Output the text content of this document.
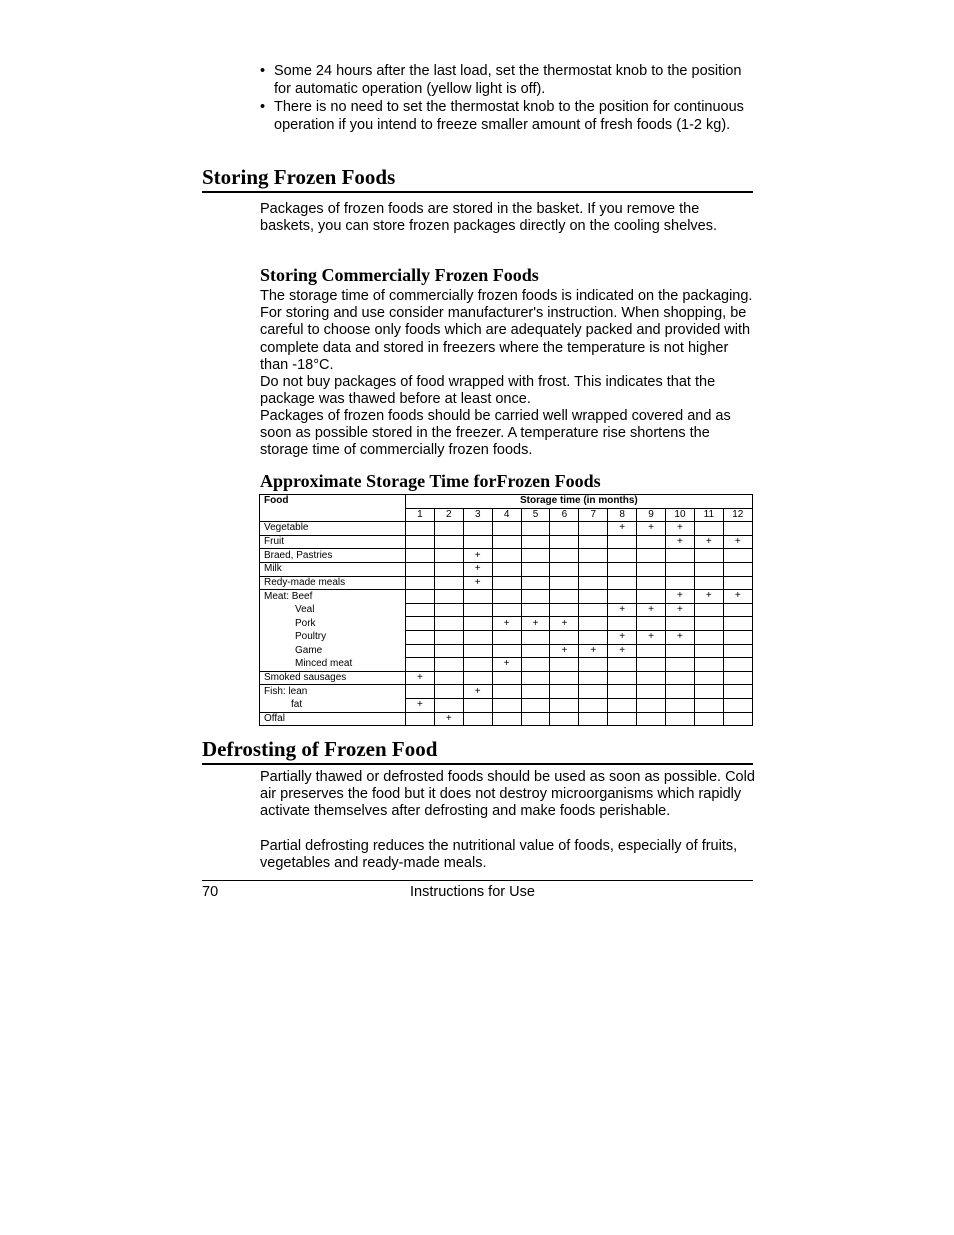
• Some 24 hours after the last load, set the thermostat knob to the position for automatic operation (yellow light is off).
• There is no need to set the thermostat knob to the position for continuous operation if you intend to freeze smaller amount of fresh foods (1-2 kg).
Storing Frozen Foods

Packages of frozen foods are stored in the basket. If you remove the baskets, you can store frozen packages directly on the cooling shelves.

Storing Commercially Frozen Foods

The storage time of commercially frozen foods is indicated on the packaging. For storing and use consider manufacturer's instruction. When shopping, be careful to choose only foods which are adequately packed and provided with complete data and stored in freezers where the temperature is not higher than -18°C.

Do not buy packages of food wrapped with frost. This indicates that the package was thawed before at least once.

Packages of frozen foods should be carried well wrapped covered and as soon as possible stored in the freezer. A temperature rise shortens the storage time of commercially frozen foods.

Approximate Storage Time forFrozen Foods
Food	Storage time (in months)											
	1	2	3	4	5	6	7	8	9	10	11	12
Vegetable								+	+	+		
Fruit										+	+	+
Braed, Pastries			+									
Milk			+									
Redy-made meals			+									
Meat: Beef										+	+	+
Veal								+	+	+		
Pork				+	+	+						
Poultry								+	+	+		
Game						+	+	+				
Minced meat				+								
Smoked sausages	+											
Fish: lean			+									
fat	+											
Offal		+										
Defrosting of Frozen Food

Partially thawed or defrosted foods should be used as soon as possible. Cold air preserves the food but it does not destroy microorganisms which rapidly activate themselves after defrosting and make foods perishable.

Partial defrosting reduces the nutritional value of foods, especially of fruits, vegetables and ready-made meals.

70	Instructions for Use
